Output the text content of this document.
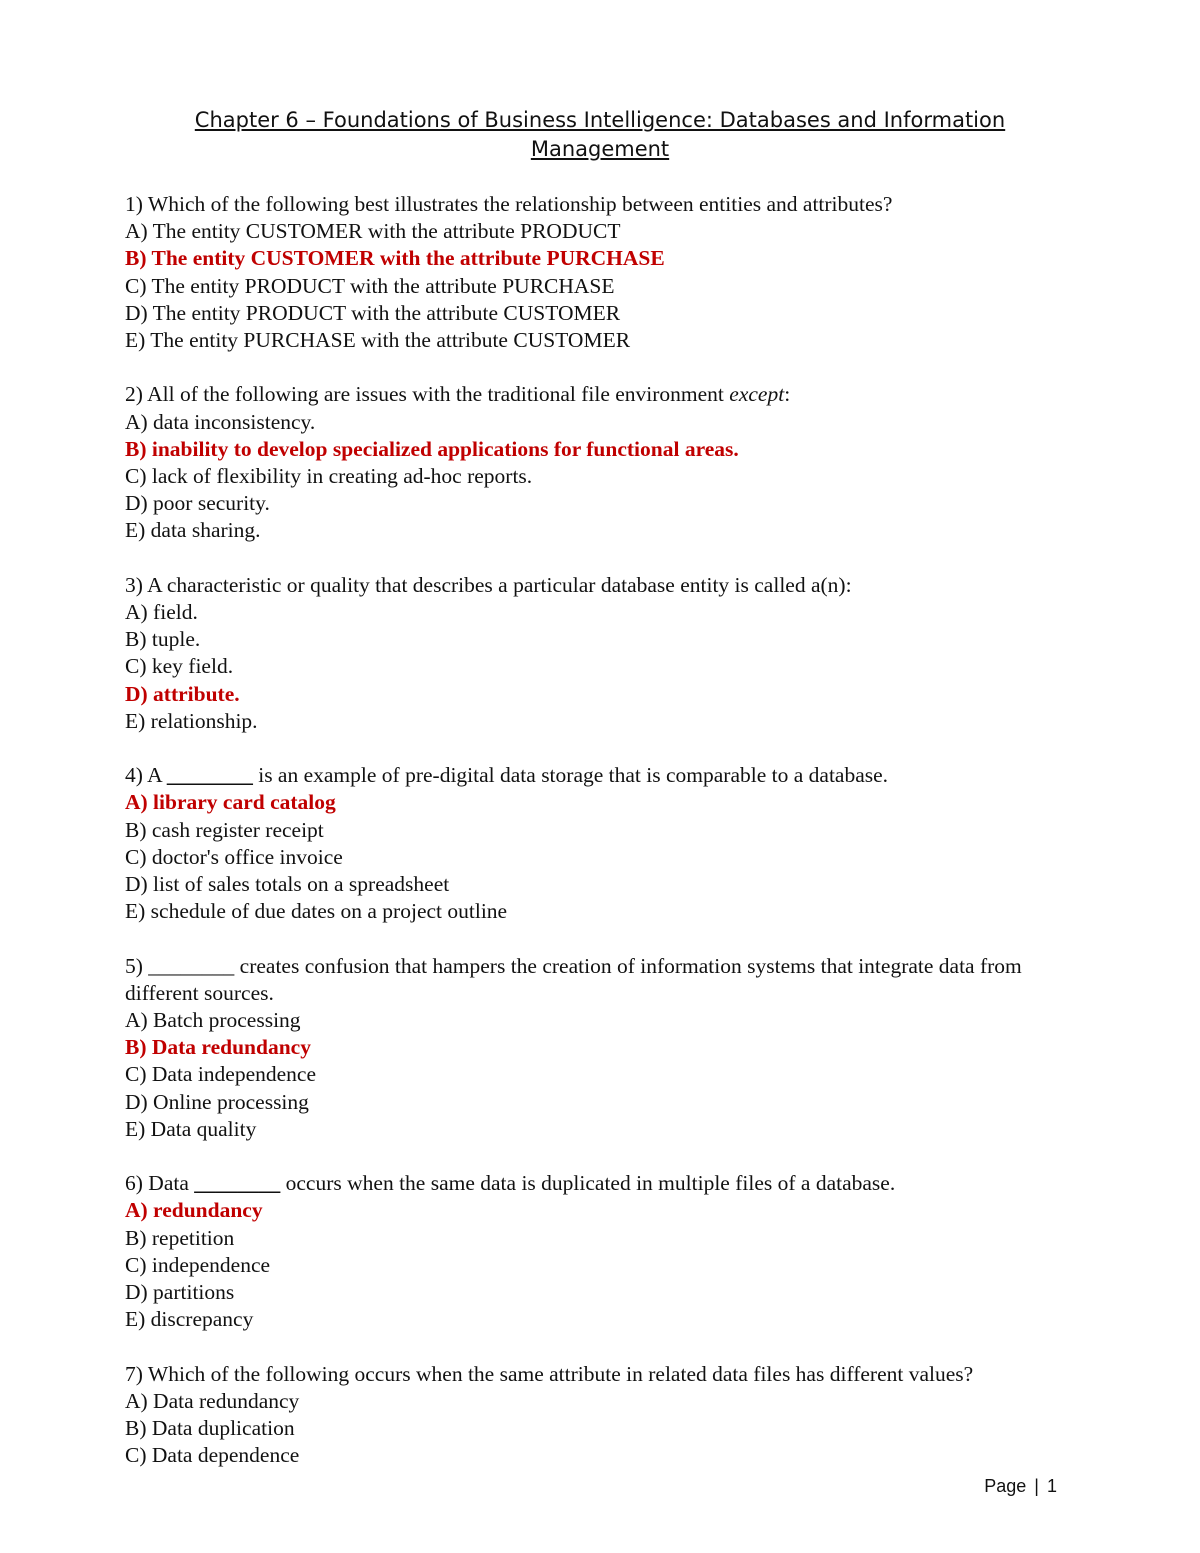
Chapter 6 – Foundations of Business Intelligence: Databases and Information
Management
1) Which of the following best illustrates the relationship between entities and attributes?
A) The entity CUSTOMER with the attribute PRODUCT
B) The entity CUSTOMER with the attribute PURCHASE
C) The entity PRODUCT with the attribute PURCHASE
D) The entity PRODUCT with the attribute CUSTOMER
E) The entity PURCHASE with the attribute CUSTOMER
2) All of the following are issues with the traditional file environment except:
A) data inconsistency.
B) inability to develop specialized applications for functional areas.
C) lack of flexibility in creating ad-hoc reports.
D) poor security.
E) data sharing.
3) A characteristic or quality that describes a particular database entity is called a(n):
A) field.
B) tuple.
C) key field.
D) attribute.
E) relationship.
4) A ________ is an example of pre-digital data storage that is comparable to a database.
A) library card catalog
B) cash register receipt
C) doctor's office invoice
D) list of sales totals on a spreadsheet
E) schedule of due dates on a project outline
5) ________ creates confusion that hampers the creation of information systems that integrate data from different sources.
A) Batch processing
B) Data redundancy
C) Data independence
D) Online processing
E) Data quality
6) Data ________ occurs when the same data is duplicated in multiple files of a database.
A) redundancy
B) repetition
C) independence
D) partitions
E) discrepancy
7) Which of the following occurs when the same attribute in related data files has different values?
A) Data redundancy
B) Data duplication
C) Data dependence
Page | 1
